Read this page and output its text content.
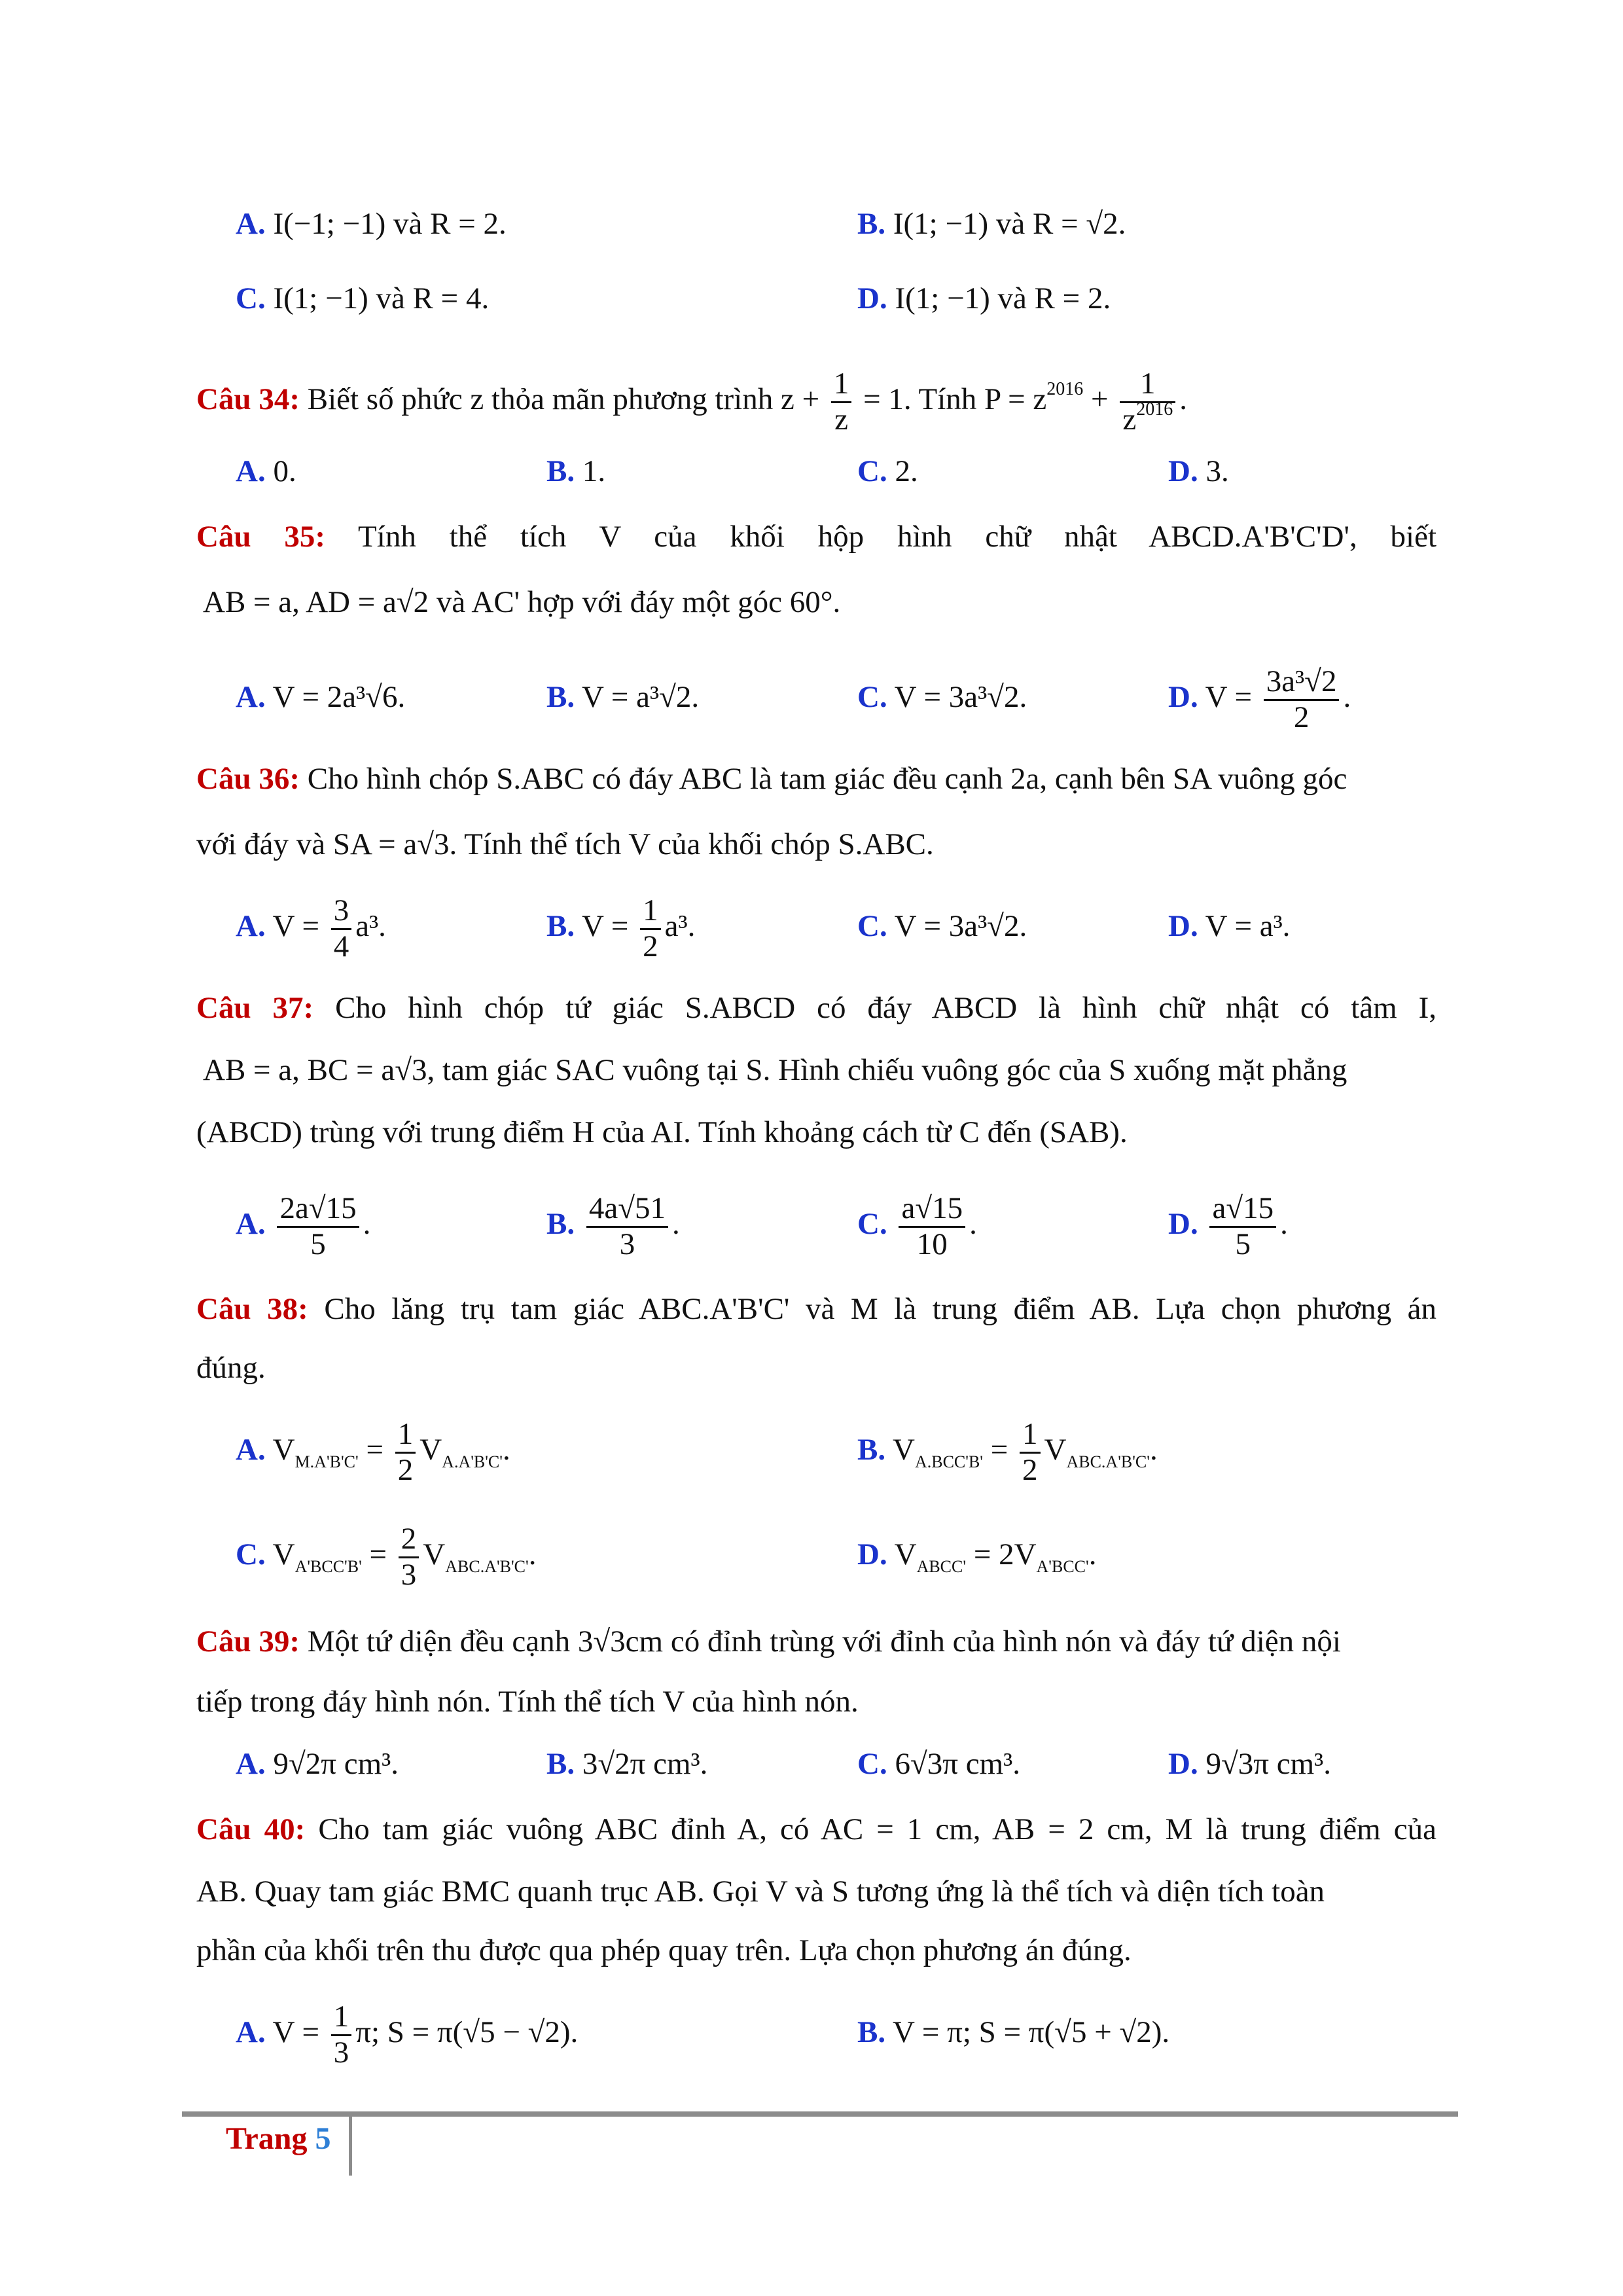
A. I(−1; −1) và R = 2.	B. I(1; −1) và R = √2.
C. I(1; −1) và R = 4.	D. I(1; −1) và R = 2.
Câu 34: Biết số phức z thỏa mãn phương trình $z + \frac{1}{z} = 1$. Tính $P = z^{2016} + \frac{1}{z^{2016}}$ .
A. 0.	B. 1.	C. 2.	D. 3.
Câu 35: Tính thể tích V của khối hộp hình chữ nhật ABCD.A'B'C'D', biết
AB = a, AD = a√2 và AC' hợp với đáy một góc 60°.
A. V = 2a³√6.	B. V = a³√2.	C. V = 3a³√2.	D. $V = \frac{\text{3a³√2}}{2}$ .
Câu 36: Cho hình chóp S.ABC có đáy ABC là tam giác đều cạnh 2a, cạnh bên SA vuông góc
với đáy và SA = a√3. Tính thể tích V của khối chóp S.ABC.
A. $V = \frac{3}{4} a^3$.	B. $V = \frac{1}{2} a^3$.	C. V = 3a³√2.	D. V = a³.
Câu 37: Cho hình chóp tứ giác S.ABCD có đáy ABCD là hình chữ nhật có tâm I,
AB = a, BC = a√3, tam giác SAC vuông tại S. Hình chiếu vuông góc của S xuống mặt phẳng
(ABCD) trùng với trung điểm H của AI. Tính khoảng cách từ C đến (SAB).
A. $\frac{2a√15}{5}$ .	B. $\frac{4a√51}{3}$ .	C. $\frac{a√15}{10}$ .	D. $\frac{a√15}{5}$ .
Câu 38: Cho lăng trụ tam giác ABC.A'B'C' và M là trung điểm AB. Lựa chọn phương án
đúng.
A. $V_{M.A'B'C'} = \frac{1}{2} V_{A.A'B'C'}$.	B. $V_{A.BCC'B'} = \frac{1}{2} V_{ABC.A'B'C'}$.
C. $V_{A'BCC'B'} = \frac{2}{3} V_{ABC.A'B'C'}$.	D. $V_{ABCC'} = 2V_{A'BCC'}$.
Câu 39: Một tứ diện đều cạnh 3√3cm có đỉnh trùng với đỉnh của hình nón và đáy tứ diện nội
tiếp trong đáy hình nón. Tính thể tích V của hình nón.
A. 9√2π cm³.	B. 3√2π cm³.	C. 6√3π cm³.	D. 9√3π cm³.
Câu 40: Cho tam giác vuông ABC đỉnh A, có AC = 1 cm, AB = 2 cm, M là trung điểm của
AB. Quay tam giác BMC quanh trục AB. Gọi V và S tương ứng là thể tích và diện tích toàn
phần của khối trên thu được qua phép quay trên. Lựa chọn phương án đúng.
A. $V = \frac{1}{3} \pi$; S = π(√5 − √2).	B. V = π; S = π(√5 + √2).
Trang 5
